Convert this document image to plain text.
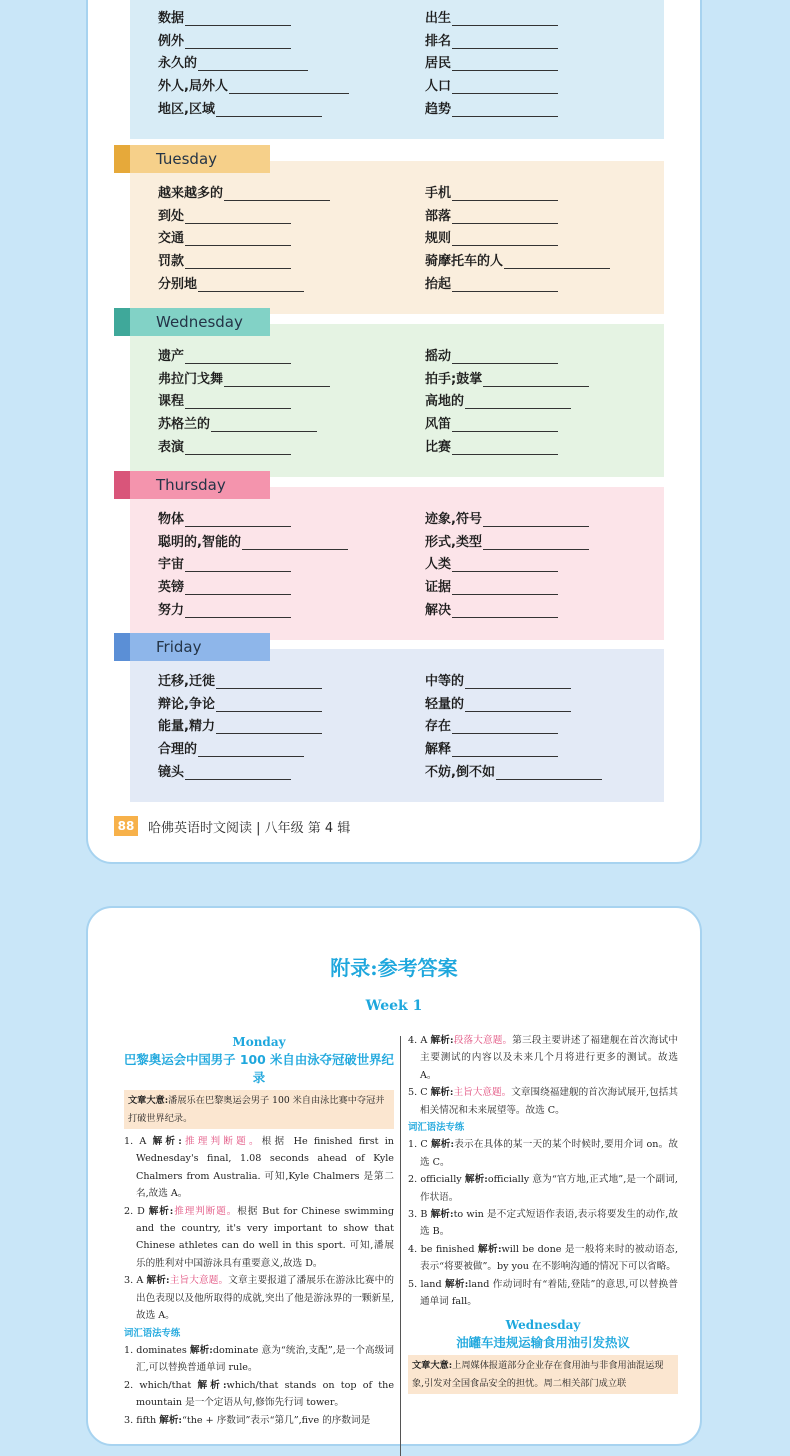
数据
例外
永久的
外人,局外人
地区,区域
出生
排名
居民
人口
趋势
Tuesday
越来越多的
到处
交通
罚款
分别地
手机
部落
规则
骑摩托车的人
抬起
Wednesday
遗产
弗拉门戈舞
课程
苏格兰的
表演
摇动
拍手;鼓掌
高地的
风笛
比赛
Thursday
物体
聪明的,智能的
宇宙
英镑
努力
迹象,符号
形式,类型
人类
证据
解决
Friday
迁移,迁徙
辩论,争论
能量,精力
合理的
镜头
中等的
轻量的
存在
解释
不妨,倒不如
88 哈佛英语时文阅读 | 八年级 第 4 辑
附录:参考答案
Week 1
Monday
巴黎奥运会中国男子 100 米自由泳夺冠破世界纪录
文章大意:潘展乐在巴黎奥运会男子 100 米自由泳比赛中夺冠并打破世界纪录。
1. A 解析:推理判断题。根据 He finished first in Wednesday's final, 1.08 seconds ahead of Kyle Chalmers from Australia. 可知,Kyle Chalmers 是第二名,故选 A。
2. D 解析:推理判断题。根据 But for Chinese swimming and the country, it's very important to show that Chinese athletes can do well in this sport. 可知,潘展乐的胜利对中国游泳具有重要意义,故选 D。
3. A 解析:主旨大意题。文章主要报道了潘展乐在游泳比赛中的出色表现以及他所取得的成就,突出了他是游泳界的一颗新星,故选 A。
词汇语法专练
1. dominates 解析:dominate 意为“统治,支配”,是一个高级词汇,可以替换普通单词 rule。
2. which/that 解析:which/that stands on top of the mountain 是一个定语从句,修饰先行词 tower。
3. fifth 解析:“the + 序数词”表示“第几”,five 的序数词是
4. A 解析:段落大意题。第三段主要讲述了福建舰在首次海试中主要测试的内容以及未来几个月将进行更多的测试。故选 A。
5. C 解析:主旨大意题。文章围绕福建舰的首次海试展开,包括其相关情况和未来展望等。故选 C。
词汇语法专练
1. C 解析:表示在具体的某一天的某个时候时,要用介词 on。故选 C。
2. officially 解析:officially 意为“官方地,正式地”,是一个副词,作状语。
3. B 解析:to win 是不定式短语作表语,表示将要发生的动作,故选 B。
4. be finished 解析:will be done 是一般将来时的被动语态,表示“将要被做”。by you 在不影响沟通的情况下可以省略。
5. land 解析:land 作动词时有“着陆,登陆”的意思,可以替换普通单词 fall。
Wednesday
油罐车违规运输食用油引发热议
文章大意:上周媒体报道部分企业存在食用油与非食用油混运现象,引发对全国食品安全的担忧。周二相关部门成立联
